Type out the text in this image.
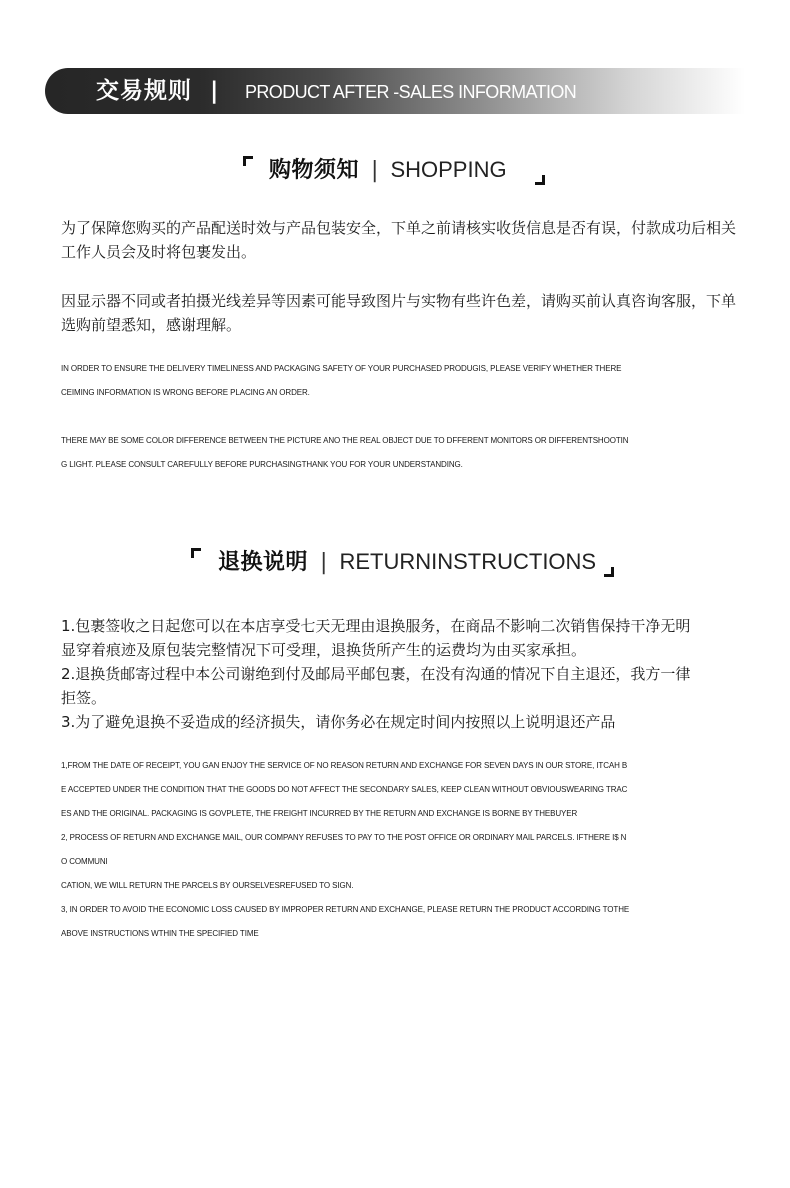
交易规则 | PRODUCT AFTER -SALES INFORMATION
购物须知 | SHOPPING
为了保障您购买的产品配送时效与产品包装安全，下单之前请核实收货信息是否有误，付款成功后相关工作人员会及时将包裹发出。
因显示器不同或者拍摄光线差异等因素可能导致图片与实物有些许色差，请购买前认真咨询客服，下单选购前望悉知，感谢理解。
IN ORDER TO ENSURE THE DELIVERY TIMELINESS AND PACKAGING SAFETY OF YOUR PURCHASED PRODUGIS, PLEASE VERIFY WHETHER THERE
CEIMING INFORMATION IS WRONG BEFORE PLACING AN ORDER.
THERE MAY BE SOME COLOR DIFFERENCE BETWEEN THE PICTURE ANO THE REAL OBJECT DUE TO DFFERENT MONITORS OR DIFFERENTSHOOTIN
G LIGHT. PLEASE CONSULT CAREFULLY BEFORE PURCHASINGTHANK YOU FOR YOUR UNDERSTANDING.
退换说明 | RETURNINSTRUCTIONS
1.包裹签收之日起您可以在本店享受七天无理由退换服务，在商品不影响二次销售保持干净无明
显穿着痕迹及原包装完整情况下可受理，退换货所产生的运费均为由买家承担。
2.退换货邮寄过程中本公司谢绝到付及邮局平邮包裹，在没有沟通的情况下自主退还，我方一律
拒签。
3.为了避免退换不妥造成的经济损失，请你务必在规定时间内按照以上说明退还产品
1,FROM THE DATE OF RECEIPT, YOU GAN ENJOY THE SERVICE OF NO REASON RETURN AND EXCHANGE FOR SEVEN DAYS IN OUR STORE, ITCAH B
E ACCEPTED UNDER THE CONDITION THAT THE GOODS DO NOT AFFECT THE SECONDARY SALES, KEEP CLEAN WITHOUT OBVIOUSWEARING TRAC
ES AND THE ORIGINAL. PACKAGING IS GOVPLETE, THE FREIGHT INCURRED BY THE RETURN AND EXCHANGE IS BORNE BY THEBUYER
2, PROCESS OF RETURN AND EXCHANGE MAIL, OUR COMPANY REFUSES TO PAY TO THE POST OFFICE OR ORDINARY MAIL PARCELS. IFTHERE I$ N
O COMMUNI
CATION, WE WILL RETURN THE PARCELS BY OURSELVESREFUSED TO SIGN.
3, IN ORDER TO AVOID THE ECONOMIC LOSS CAUSED BY IMPROPER RETURN AND EXCHANGE, PLEASE RETURN THE PRODUCT ACCORDING TOTHE
ABOVE INSTRUCTIONS WTHIN THE SPECIFIED TIME
